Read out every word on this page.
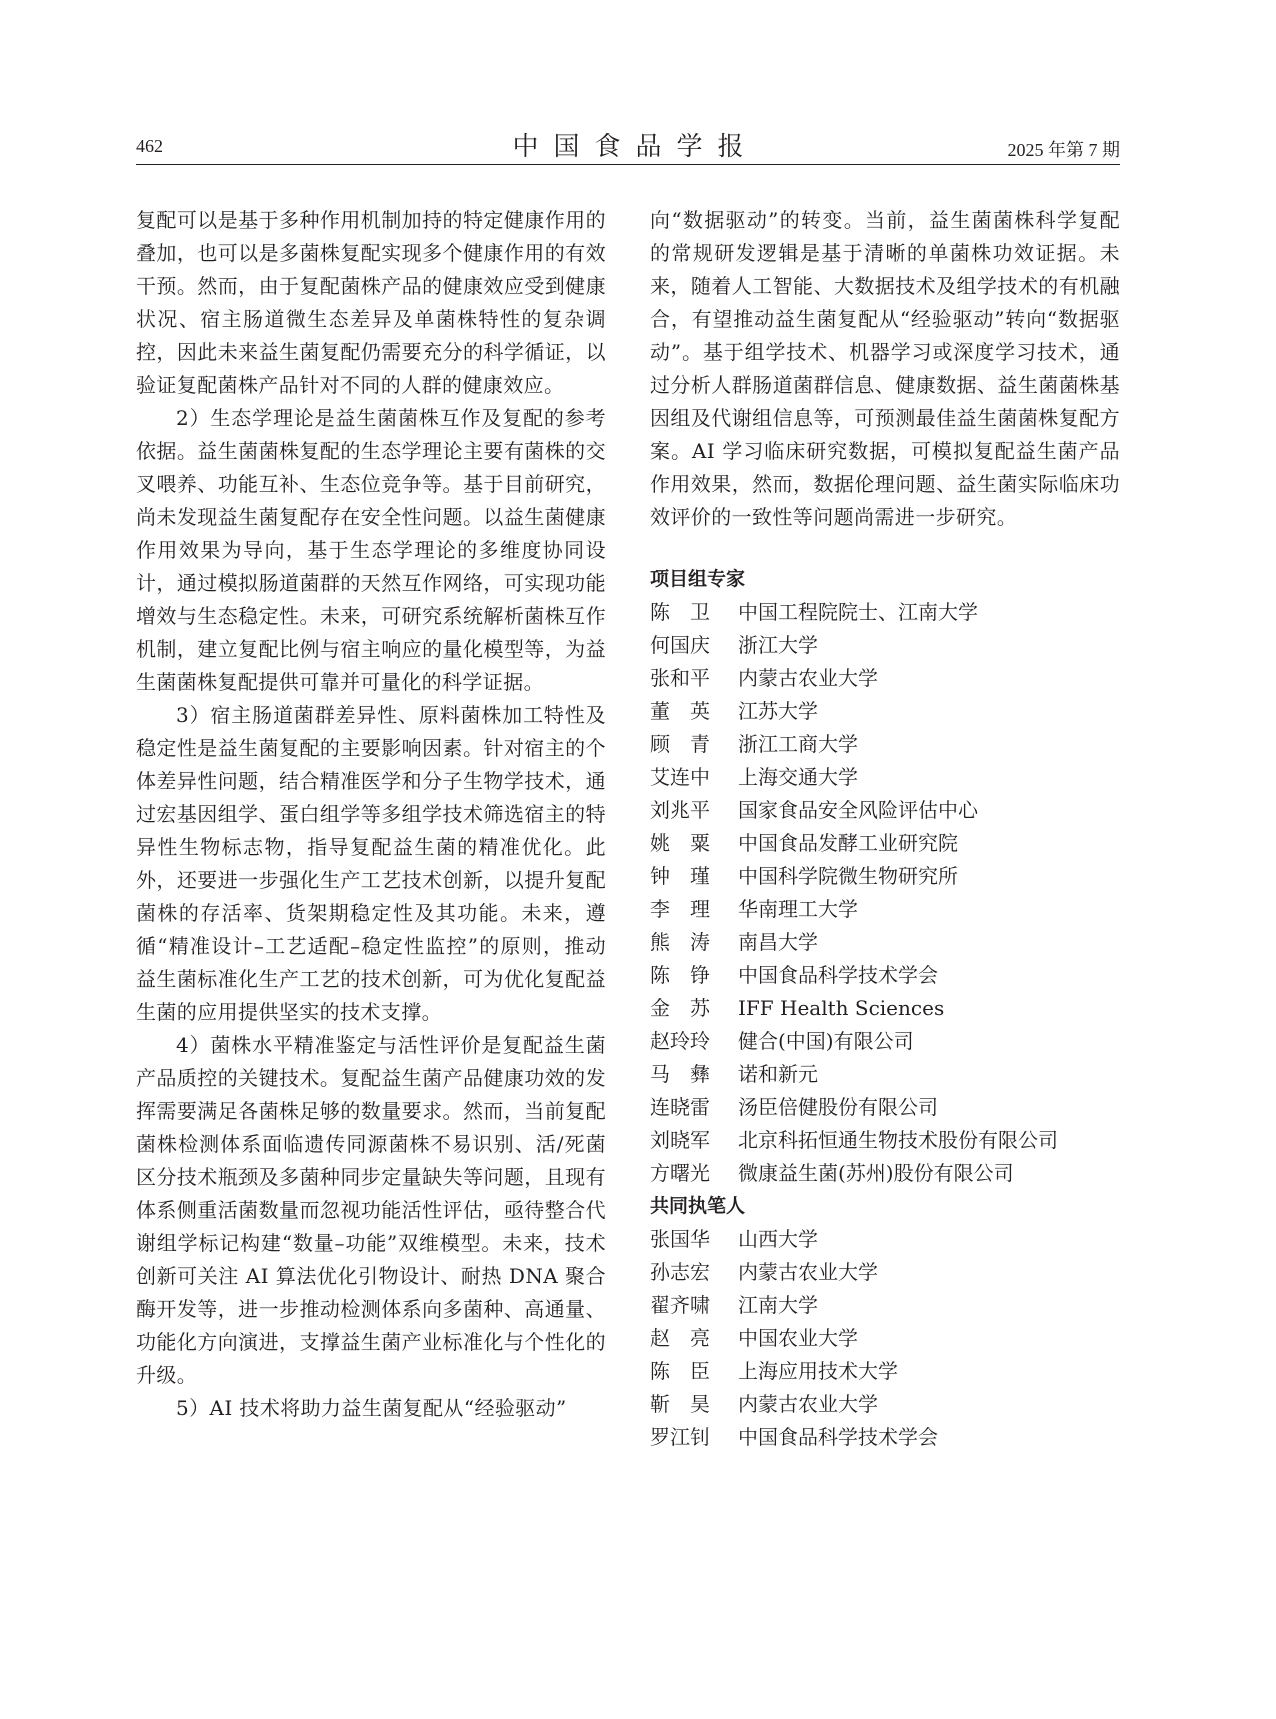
462	中国食品学报	2025 年第 7 期

复配可以是基于多种作用机制加持的特定健康作用的叠加，也可以是多菌株复配实现多个健康作用的有效干预。然而，由于复配菌株产品的健康效应受到健康状况、宿主肠道微生态差异及单菌株特性的复杂调控，因此未来益生菌复配仍需要充分的科学循证，以验证复配菌株产品针对不同的人群的健康效应。

2）生态学理论是益生菌菌株互作及复配的参考依据。益生菌菌株复配的生态学理论主要有菌株的交叉喂养、功能互补、生态位竞争等。基于目前研究，尚未发现益生菌复配存在安全性问题。以益生菌健康作用效果为导向，基于生态学理论的多维度协同设计，通过模拟肠道菌群的天然互作网络，可实现功能增效与生态稳定性。未来，可研究系统解析菌株互作机制，建立复配比例与宿主响应的量化模型等，为益生菌菌株复配提供可靠并可量化的科学证据。

3）宿主肠道菌群差异性、原料菌株加工特性及稳定性是益生菌复配的主要影响因素。针对宿主的个体差异性问题，结合精准医学和分子生物学技术，通过宏基因组学、蛋白组学等多组学技术筛选宿主的特异性生物标志物，指导复配益生菌的精准优化。此外，还要进一步强化生产工艺技术创新，以提升复配菌株的存活率、货架期稳定性及其功能。未来，遵循“精准设计–工艺适配–稳定性监控”的原则，推动益生菌标准化生产工艺的技术创新，可为优化复配益生菌的应用提供坚实的技术支撑。

4）菌株水平精准鉴定与活性评价是复配益生菌产品质控的关键技术。复配益生菌产品健康功效的发挥需要满足各菌株足够的数量要求。然而，当前复配菌株检测体系面临遗传同源菌株不易识别、活/死菌区分技术瓶颈及多菌种同步定量缺失等问题，且现有体系侧重活菌数量而忽视功能活性评估，亟待整合代谢组学标记构建“数量–功能”双维模型。未来，技术创新可关注 AI 算法优化引物设计、耐热 DNA 聚合酶开发等，进一步推动检测体系向多菌种、高通量、功能化方向演进，支撑益生菌产业标准化与个性化的升级。

5）AI 技术将助力益生菌复配从“经验驱动”

向“数据驱动”的转变。当前，益生菌菌株科学复配的常规研发逻辑是基于清晰的单菌株功效证据。未来，随着人工智能、大数据技术及组学技术的有机融合，有望推动益生菌复配从“经验驱动”转向“数据驱动”。基于组学技术、机器学习或深度学习技术，通过分析人群肠道菌群信息、健康数据、益生菌菌株基因组及代谢组信息等，可预测最佳益生菌菌株复配方案。AI 学习临床研究数据，可模拟复配益生菌产品作用效果，然而，数据伦理问题、益生菌实际临床功效评价的一致性等问题尚需进一步研究。

项目组专家
陈卫 中国工程院院士、江南大学
何国庆 浙江大学
张和平 内蒙古农业大学
董英 江苏大学
顾青 浙江工商大学
艾连中 上海交通大学
刘兆平 国家食品安全风险评估中心
姚粟 中国食品发酵工业研究院
钟瑾 中国科学院微生物研究所
李理 华南理工大学
熊涛 南昌大学
陈铮 中国食品科学技术学会
金苏 IFF Health Sciences
赵玲玲 健合(中国)有限公司
马彝 诺和新元
连晓雷 汤臣倍健股份有限公司
刘晓军 北京科拓恒通生物技术股份有限公司
方曙光 微康益生菌(苏州)股份有限公司
共同执笔人
张国华 山西大学
孙志宏 内蒙古农业大学
翟齐啸 江南大学
赵亮 中国农业大学
陈臣 上海应用技术大学
靳昊 内蒙古农业大学
罗江钊 中国食品科学技术学会
